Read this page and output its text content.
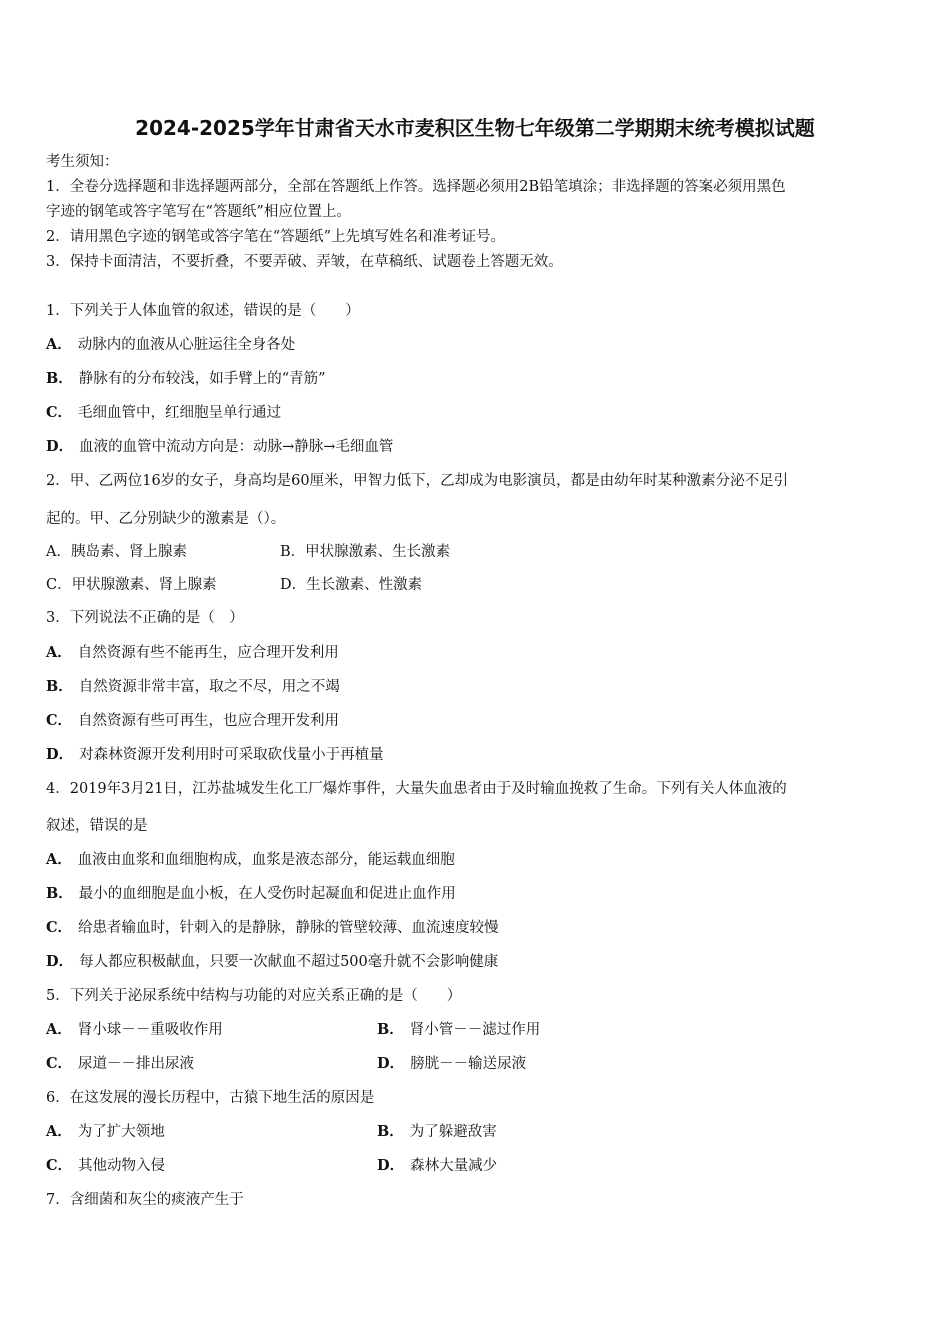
2024-2025学年甘肃省天水市麦积区生物七年级第二学期期末统考模拟试题
考生须知：
1．全卷分选择题和非选择题两部分，全部在答题纸上作答。选择题必须用2B铅笔填涂；非选择题的答案必须用黑色
字迹的钢笔或答字笔写在“答题纸”相应位置上。
2．请用黑色字迹的钢笔或答字笔在“答题纸”上先填写姓名和准考证号。
3．保持卡面清洁，不要折叠，不要弄破、弄皱，在草稿纸、试题卷上答题无效。
1．下列关于人体血管的叙述，错误的是（　　）
A． 动脉内的血液从心脏运往全身各处
B． 静脉有的分布较浅，如手臂上的“青筋”
C． 毛细血管中，红细胞呈单行通过
D． 血液的血管中流动方向是：动脉→静脉→毛细血管
2．甲、乙两位16岁的女子，身高均是60厘米，甲智力低下，乙却成为电影演员，都是由幼年时某种激素分泌不足引
起的。甲、乙分别缺少的激素是（）。
A．胰岛素、肾上腺素	B．甲状腺激素、生长激素
C．甲状腺激素、肾上腺素	D．生长激素、性激素
3．下列说法不正确的是（　）
A． 自然资源有些不能再生，应合理开发利用
B． 自然资源非常丰富，取之不尽，用之不竭
C． 自然资源有些可再生，也应合理开发利用
D． 对森林资源开发利用时可采取砍伐量小于再植量
4．2019年3月21日，江苏盐城发生化工厂爆炸事件，大量失血患者由于及时输血挽救了生命。下列有关人体血液的
叙述，错误的是
A． 血液由血浆和血细胞构成，血浆是液态部分，能运载血细胞
B． 最小的血细胞是血小板，在人受伤时起凝血和促进止血作用
C． 给患者输血时，针刺入的是静脉，静脉的管壁较薄、血流速度较慢
D． 每人都应积极献血，只要一次献血不超过500毫升就不会影响健康
5．下列关于泌尿系统中结构与功能的对应关系正确的是（　　）
A． 肾小球－－重吸收作用	B． 肾小管－－滤过作用
C． 尿道－－排出尿液	D． 膀胱－－输送尿液
6．在这发展的漫长历程中，古猿下地生活的原因是
A． 为了扩大领地	B． 为了躲避敌害
C． 其他动物入侵	D． 森林大量减少
7．含细菌和灰尘的痰液产生于
